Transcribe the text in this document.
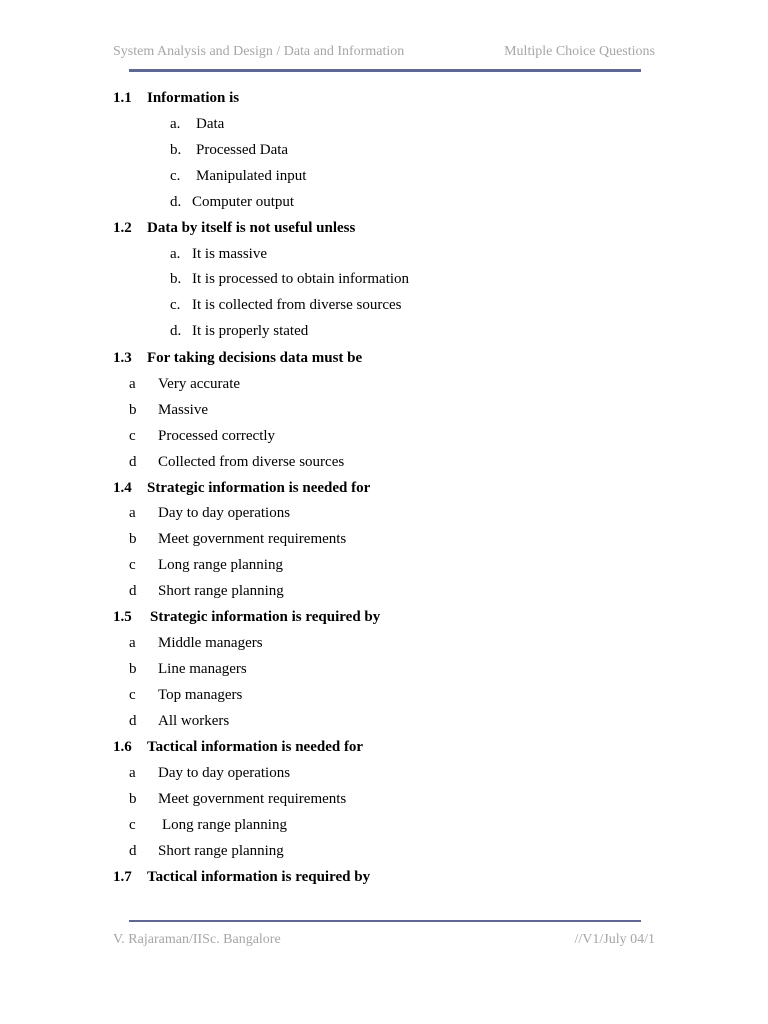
System Analysis and Design / Data and Information	Multiple Choice Questions
1.1 Information is
a. Data
b. Processed Data
c. Manipulated input
d. Computer output
1.2 Data by itself is not useful unless
a. It is massive
b. It is processed to obtain information
c. It is collected from diverse sources
d. It is properly stated
1.3 For taking decisions data must be
a Very accurate
b Massive
c Processed correctly
d Collected from diverse sources
1.4 Strategic information is needed for
a Day to day operations
b Meet government requirements
c Long range planning
d Short range planning
1.5 Strategic information is required by
a Middle managers
b Line managers
c Top managers
d All workers
1.6 Tactical information is needed for
a Day to day operations
b Meet government requirements
c Long range planning
d Short range planning
1.7 Tactical information is required by
V. Rajaraman/IISc. Bangalore	//V1/July 04/1
